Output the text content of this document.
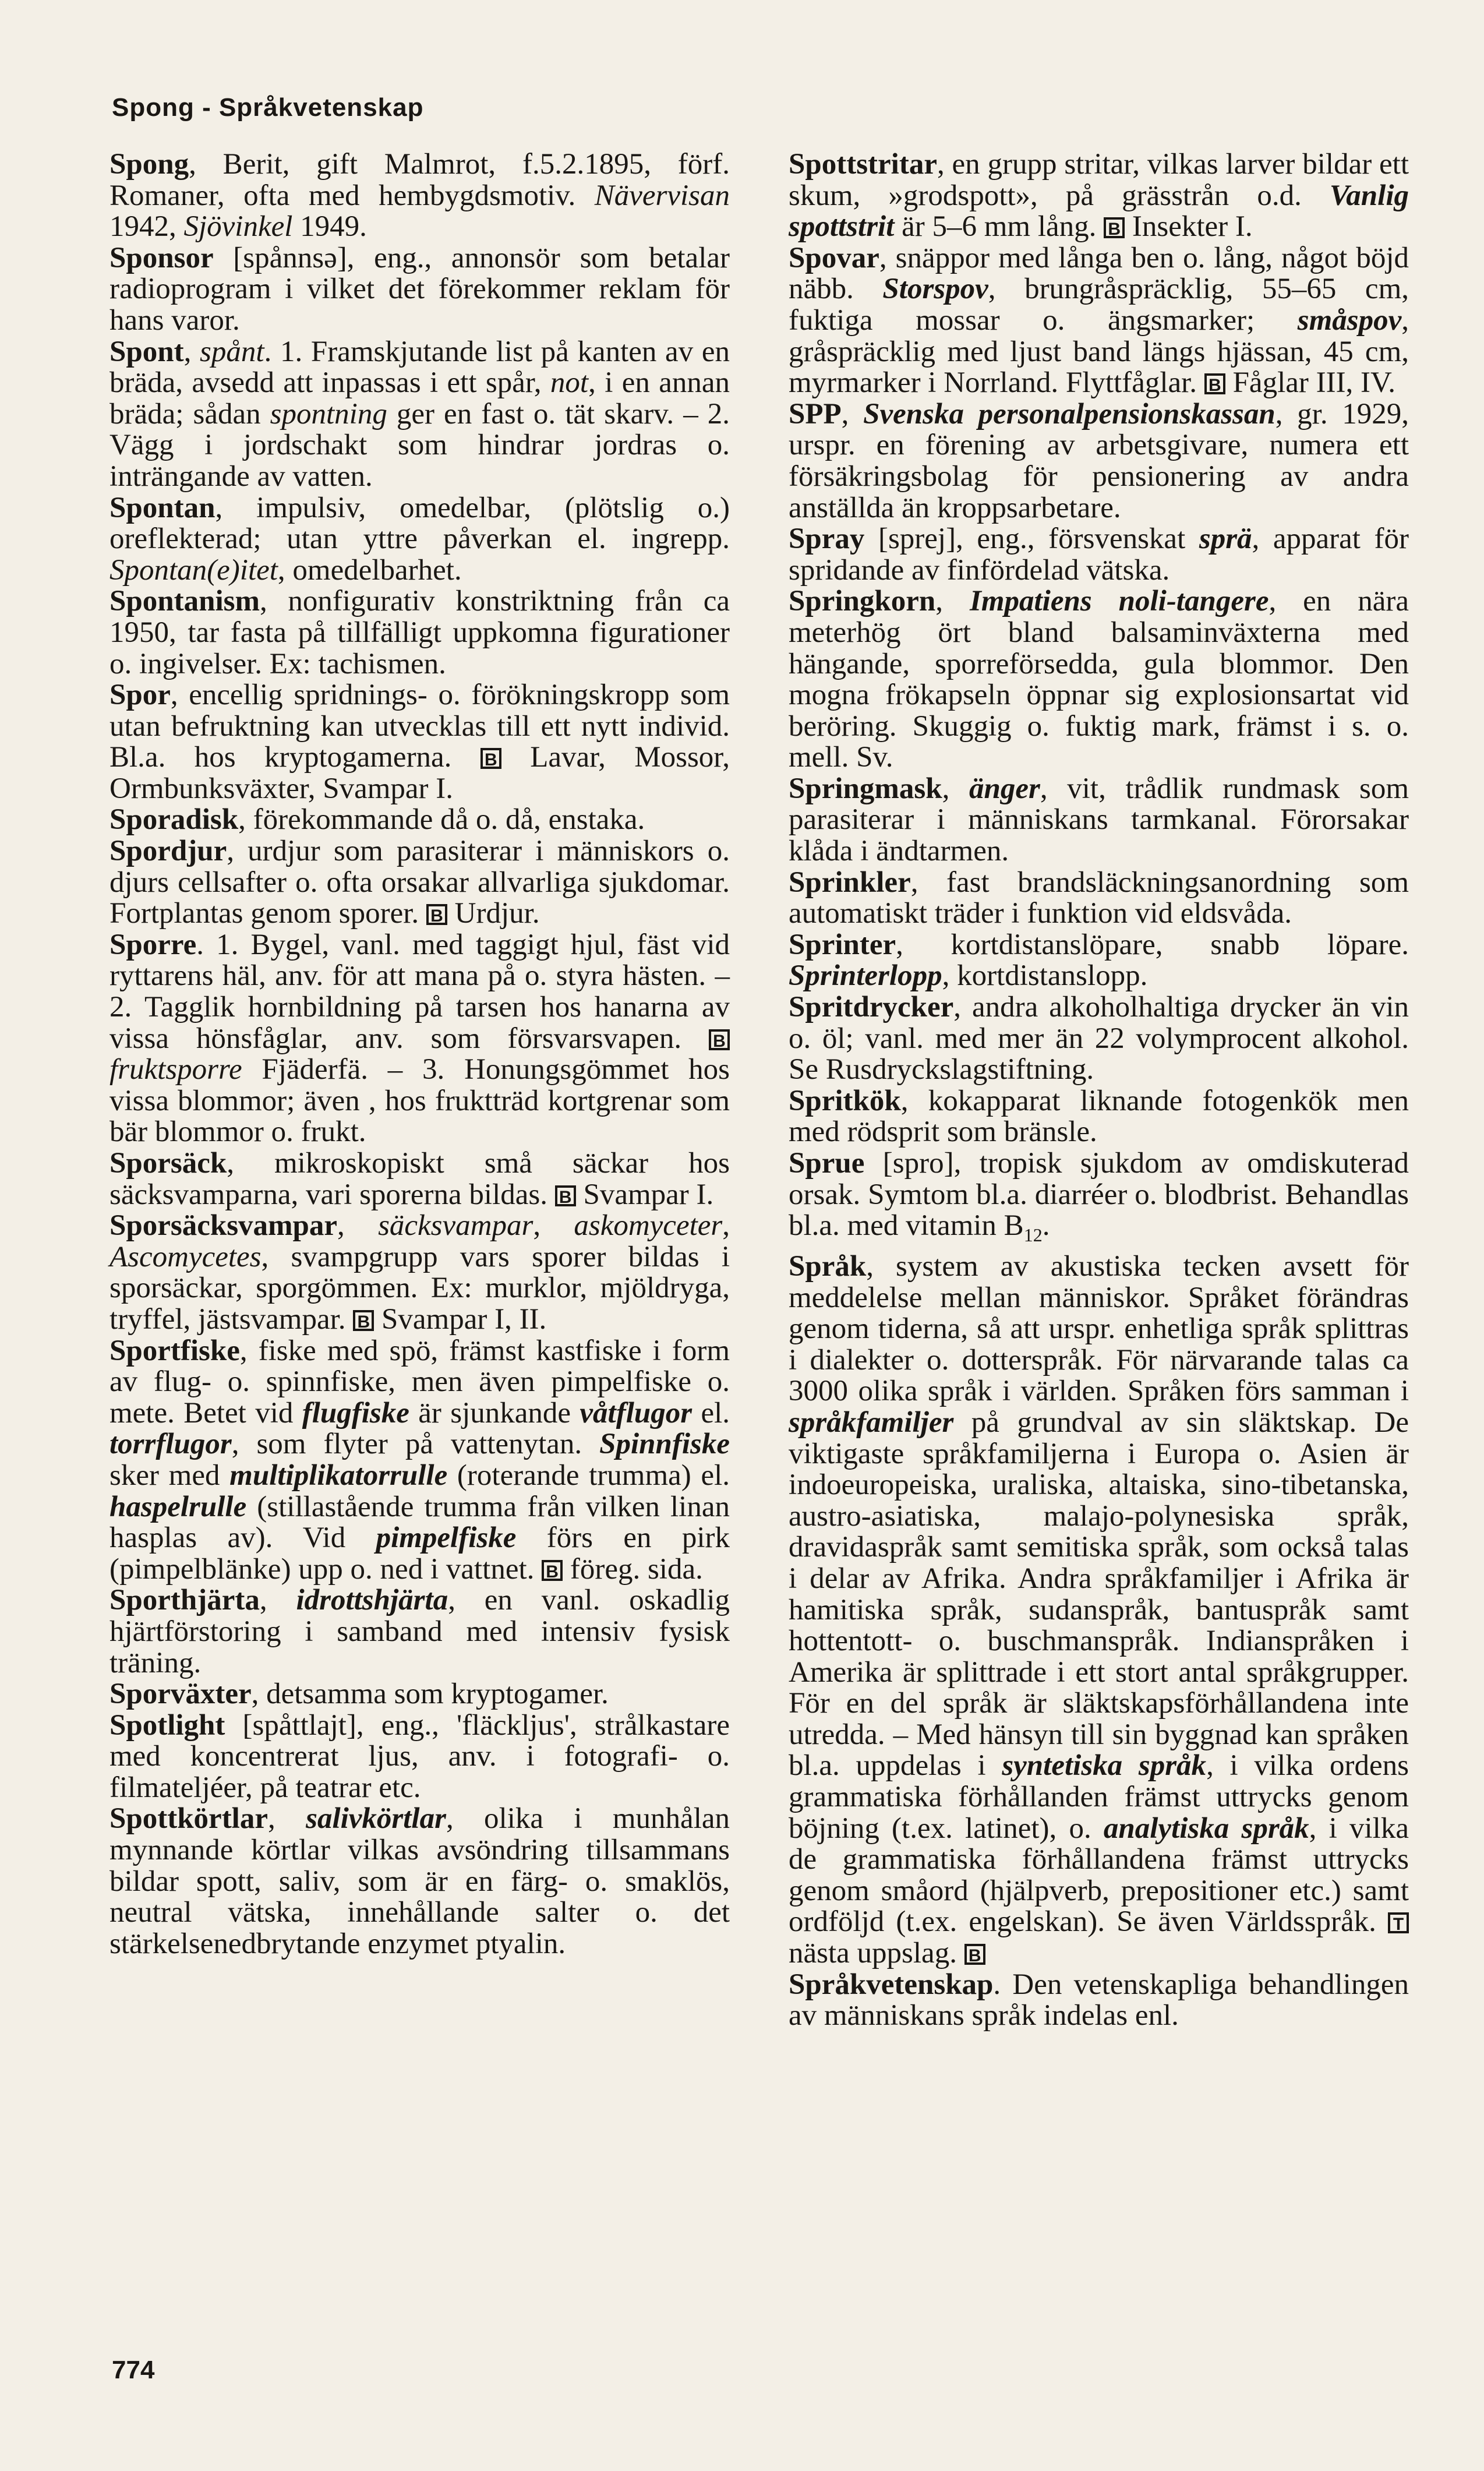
Spong - Språkvetenskap
Spong, Berit, gift Malmrot, f.5.2.1895, förf. Romaner, ofta med hembygdsmotiv. Nävervisan 1942, Sjövinkel 1949.
Sponsor [spånnsə], eng., annonsör som betalar radioprogram i vilket det förekommer reklam för hans varor.
Spont, spånt. 1. Framskjutande list på kanten av en bräda, avsedd att inpassas i ett spår, not, i en annan bräda; sådan spontning ger en fast o. tät skarv. – 2. Vägg i jordschakt som hindrar jordras o. inträngande av vatten.
Spontan, impulsiv, omedelbar, (plötslig o.) oreflekterad; utan yttre påverkan el. ingrepp. Spontan(e)itet, omedelbarhet.
Spontanism, nonfigurativ konstriktning från ca 1950, tar fasta på tillfälligt uppkomna figurationer o. ingivelser. Ex: tachismen.
Spor, encellig spridnings- o. förökningskropp som utan befruktning kan utvecklas till ett nytt individ. Bl.a. hos kryptogamerna. B Lavar, Mossor, Ormbunksväxter, Svampar I.
Sporadisk, förekommande då o. då, enstaka.
Spordjur, urdjur som parasiterar i människors o. djurs cellsafter o. ofta orsakar allvarliga sjukdomar. Fortplantas genom sporer. B Urdjur.
Sporre. 1. Bygel, vanl. med taggigt hjul, fäst vid ryttarens häl, anv. för att mana på o. styra hästen. – 2. Tagglik hornbildning på tarsen hos hanarna av vissa hönsfåglar, anv. som försvarsvapen. Bfruktsporre Fjäderfä. – 3. Honungsgömmet hos vissa blommor; även , hos fruktträd kortgrenar som bär blommor o. frukt.
Sporsäck, mikroskopiskt små säckar hos säcksvamparna, vari sporerna bildas. B Svampar I.
Sporsäcksvampar, säcksvampar, askomyceter, Ascomycetes, svampgrupp vars sporer bildas i sporsäckar, sporgömmen. Ex: murklor, mjöldryga, tryffel, jästsvampar. B Svampar I, II.
Sportfiske, fiske med spö, främst kastfiske i form av flug- o. spinnfiske, men även pimpelfiske o. mete. Betet vid flugfiske är sjunkande våtflugor el. torrflugor, som flyter på vattenytan. Spinnfiske sker med multiplikatorrulle (roterande trumma) el. haspelrulle (stillastående trumma från vilken linan hasplas av). Vid pimpelfiske förs en pirk (pimpelblänke) upp o. ned i vattnet. B föreg. sida.
Sporthjärta, idrottshjärta, en vanl. oskadlig hjärtförstoring i samband med intensiv fysisk träning.
Sporväxter, detsamma som kryptogamer.
Spotlight [spåttlajt], eng., 'fläckljus', strålkastare med koncentrerat ljus, anv. i fotografi- o. filmateljéer, på teatrar etc.
Spottkörtlar, salivkörtlar, olika i munhålan mynnande körtlar vilkas avsöndring tillsammans bildar spott, saliv, som är en färg- o. smaklös, neutral vätska, innehållande salter o. det stärkelsenedbrytande enzymet ptyalin.
Spottstritar, en grupp stritar, vilkas larver bildar ett skum, »grodspott», på grässtrån o.d. Vanlig spottstrit är 5–6 mm lång. B Insekter I.
Spovar, snäppor med långa ben o. lång, något böjd näbb. Storspov, brungråspräcklig, 55–65 cm, fuktiga mossar o. ängsmarker; småspov, gråspräcklig med ljust band längs hjässan, 45 cm, myrmarker i Norrland. Flyttfåglar. B Fåglar III, IV.
SPP, Svenska personalpensionskassan, gr. 1929, urspr. en förening av arbetsgivare, numera ett försäkringsbolag för pensionering av andra anställda än kroppsarbetare.
Spray [sprej], eng., försvenskat sprä, apparat för spridande av finfördelad vätska.
Springkorn, Impatiens noli-tangere, en nära meterhög ört bland balsaminväxterna med hängande, sporreförsedda, gula blommor. Den mogna frökapseln öppnar sig explosionsartat vid beröring. Skuggig o. fuktig mark, främst i s. o. mell. Sv.
Springmask, änger, vit, trådlik rundmask som parasiterar i människans tarmkanal. Förorsakar klåda i ändtarmen.
Sprinkler, fast brandsläckningsanordning som automatiskt träder i funktion vid eldsvåda.
Sprinter, kortdistanslöpare, snabb löpare. Sprinterlopp, kortdistanslopp.
Spritdrycker, andra alkoholhaltiga drycker än vin o. öl; vanl. med mer än 22 volymprocent alkohol. Se Rusdryckslagstiftning.
Spritkök, kokapparat liknande fotogenkök men med rödsprit som bränsle.
Sprue [spro], tropisk sjukdom av omdiskuterad orsak. Symtom bl.a. diarréer o. blodbrist. Behandlas bl.a. med vitamin $B_{12}$.
Språk, system av akustiska tecken avsett för meddelelse mellan människor. Språket förändras genom tiderna, så att urspr. enhetliga språk splittras i dialekter o. dotterspråk. För närvarande talas ca 3000 olika språk i världen. Språken förs samman i språkfamiljer på grundval av sin släktskap. De viktigaste språkfamiljerna i Europa o. Asien är indoeuropeiska, uraliska, altaiska, sino-tibetanska, austro-asiatiska, malajo-polynesiska språk, dravidaspråk samt semitiska språk, som också talas i delar av Afrika. Andra språkfamiljer i Afrika är hamitiska språk, sudanspråk, bantuspråk samt hottentott- o. buschmanspråk. Indianspråken i Amerika är splittrade i ett stort antal språkgrupper. För en del språk är släktskapsförhållandena inte utredda. – Med hänsyn till sin byggnad kan språken bl.a. uppdelas i syntetiska språk, i vilka ordens grammatiska förhållanden främst uttrycks genom böjning (t.ex. latinet), o. analytiska språk, i vilka de grammatiska förhållandena främst uttrycks genom småord (hjälpverb, prepositioner etc.) samt ordföljd (t.ex. engelskan). Se även Världsspråk. T nästa uppslag. B
Språkvetenskap. Den vetenskapliga behandlingen av människans språk indelas enl.
774
